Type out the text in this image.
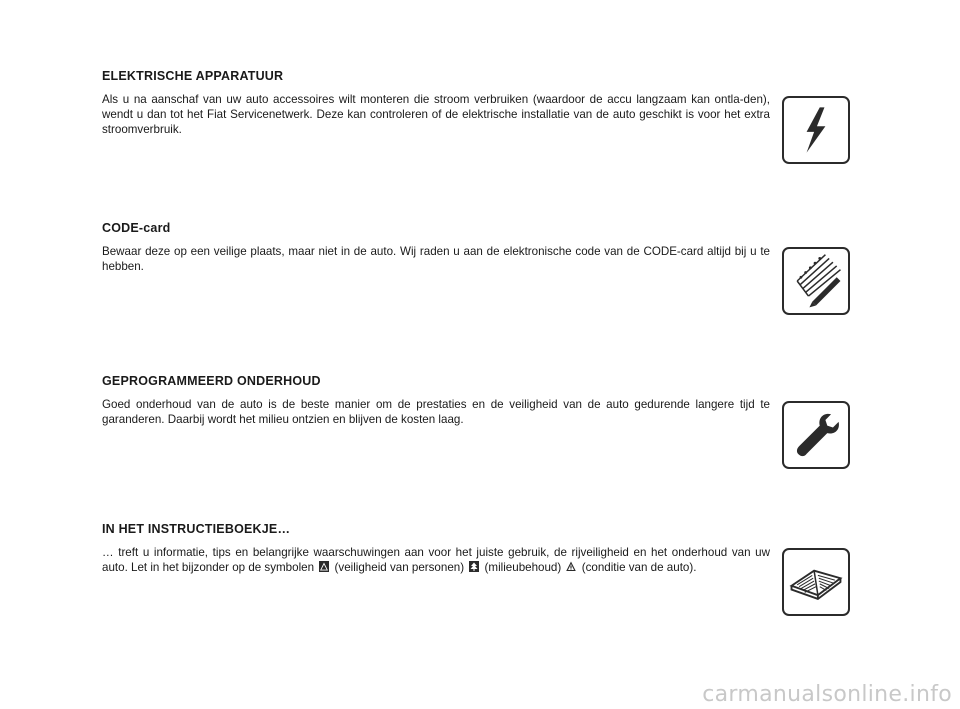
ELEKTRISCHE APPARATUUR

Als u na aanschaf van uw auto accessoires wilt monteren die stroom verbruiken (waardoor de accu langzaam kan ontla-den), wendt u dan tot het Fiat Servicenetwerk. Deze kan controleren of de elektrische installatie van de auto geschikt is voor het extra stroomverbruik.

CODE-card

Bewaar deze op een veilige plaats, maar niet in de auto. Wij raden u aan de elektronische code van de CODE-card altijd bij u te hebben.

GEPROGRAMMEERD ONDERHOUD

Goed onderhoud van de auto is de beste manier om de prestaties en de veiligheid van de auto gedurende langere tijd te garanderen. Daarbij wordt het milieu ontzien en blijven de kosten laag.

IN HET INSTRUCTIEBOEKJE…

… treft u informatie, tips en belangrijke waarschuwingen aan voor het juiste gebruik, de rijveiligheid en het onderhoud van uw auto. Let in het bijzonder op de symbolen (veiligheid van personen) (milieubehoud) (conditie van de auto).

carmanualsonline.info
